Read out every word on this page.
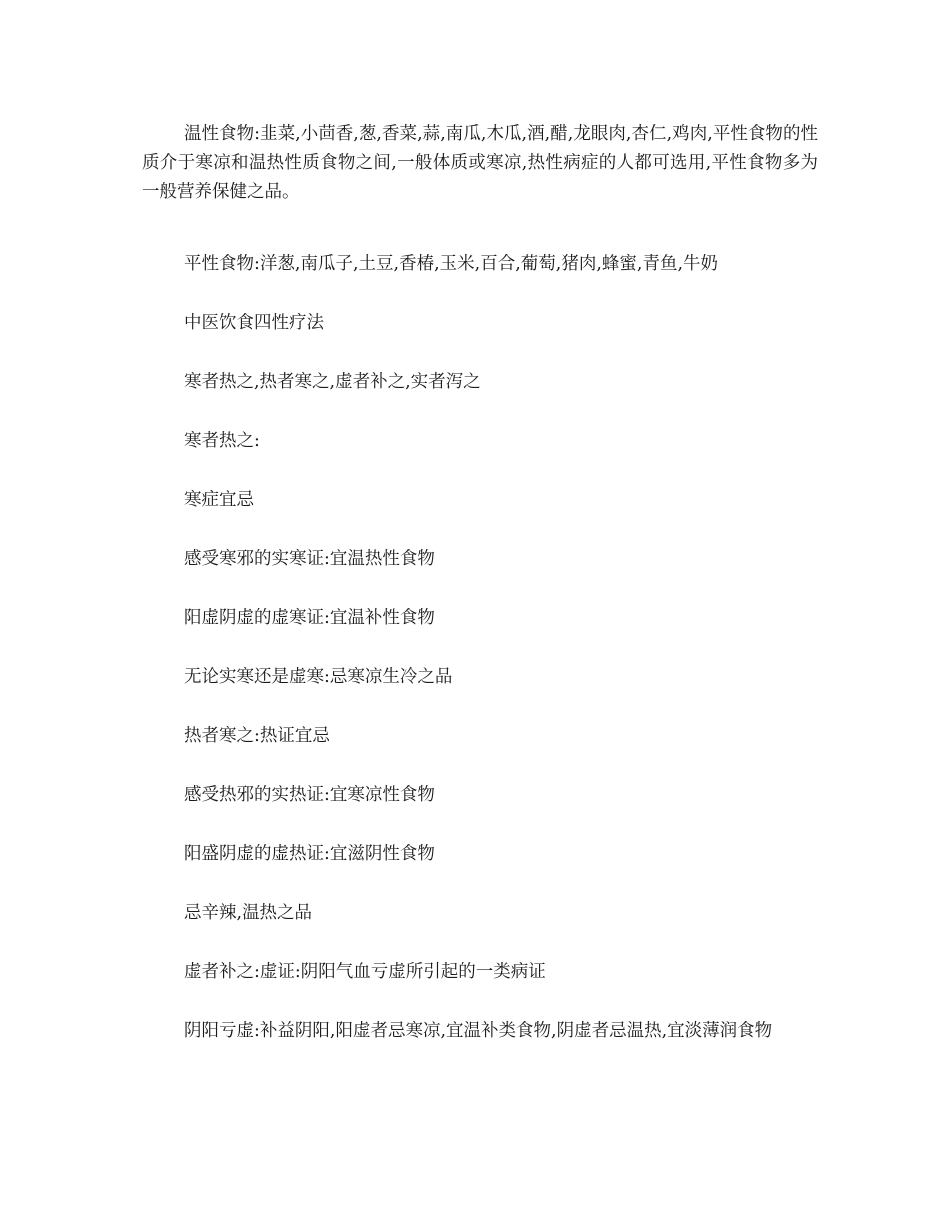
温性食物:韭菜,小茴香,葱,香菜,蒜,南瓜,木瓜,酒,醋,龙眼肉,杏仁,鸡肉,平性食物的性质介于寒凉和温热性质食物之间,一般体质或寒凉,热性病症的人都可选用,平性食物多为一般营养保健之品。

平性食物:洋葱,南瓜子,土豆,香椿,玉米,百合,葡萄,猪肉,蜂蜜,青鱼,牛奶

中医饮食四性疗法

寒者热之,热者寒之,虚者补之,实者泻之

寒者热之:

寒症宜忌

感受寒邪的实寒证:宜温热性食物

阳虚阴虚的虚寒证:宜温补性食物

无论实寒还是虚寒:忌寒凉生冷之品

热者寒之:热证宜忌

感受热邪的实热证:宜寒凉性食物

阳盛阴虚的虚热证:宜滋阴性食物

忌辛辣,温热之品

虚者补之:虚证:阴阳气血亏虚所引起的一类病证

阴阳亏虚:补益阴阳,阳虚者忌寒凉,宜温补类食物,阴虚者忌温热,宜淡薄润食物
